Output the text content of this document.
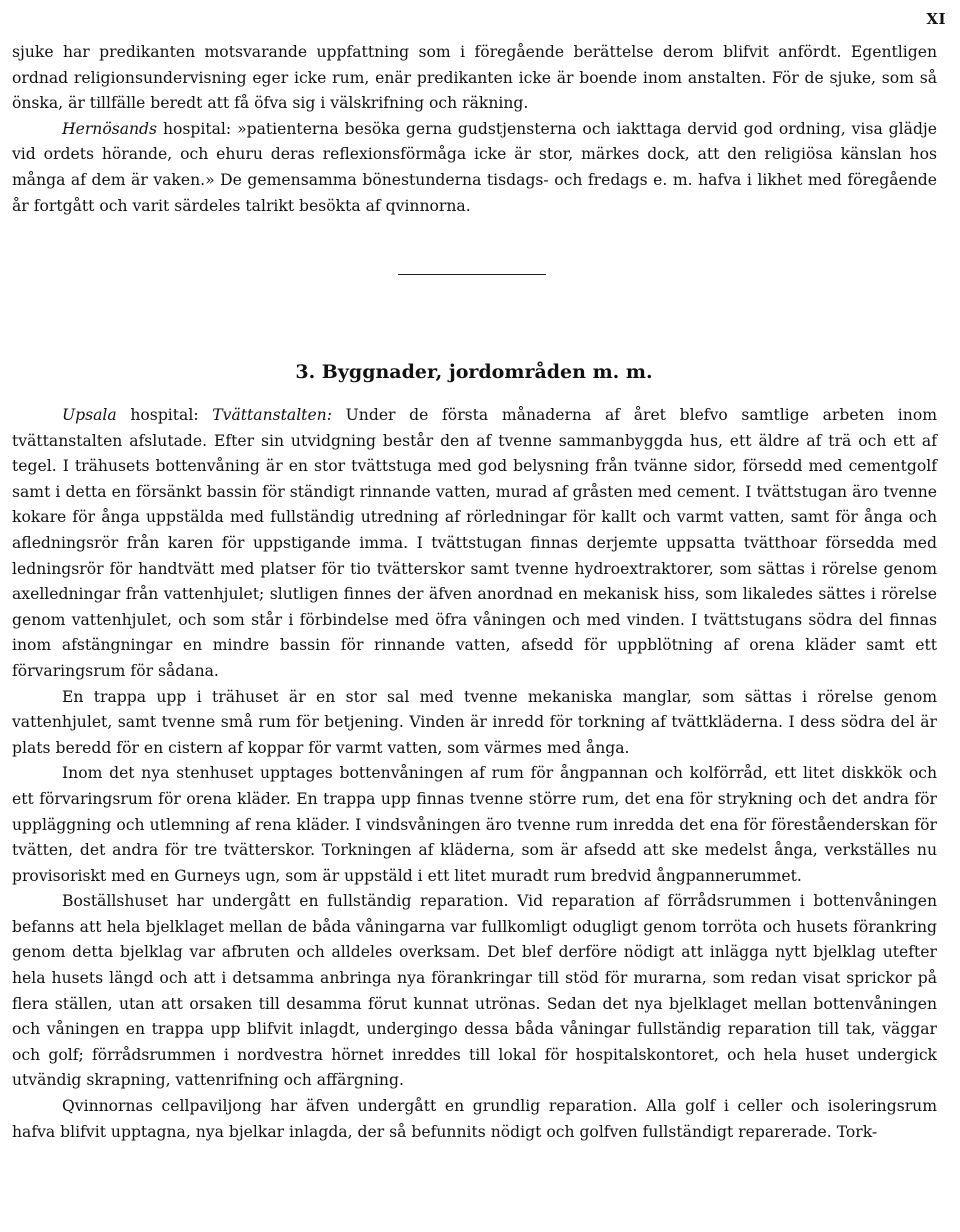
XI

sjuke har predikanten motsvarande uppfattning som i föregående berättelse derom blifvit anfördt. Egentligen ordnad religionsundervisning eger icke rum, enär predikanten icke är boende inom anstalten. För de sjuke, som så önska, är tillfälle beredt att få öfva sig i välskrifning och räkning.

Hernösands hospital: »patienterna besöka gerna gudstjensterna och iakttaga dervid god ordning, visa glädje vid ordets hörande, och ehuru deras reflexionsförmåga icke är stor, märkes dock, att den religiösa känslan hos många af dem är vaken.» De gemensamma bönestunderna tisdags- och fredags e. m. hafva i likhet med föregående år fortgått och varit särdeles talrikt besökta af qvinnorna.

3. Byggnader, jordområden m. m.

Upsala hospital: Tvättanstalten: Under de första månaderna af året blefvo samtlige arbeten inom tvättanstalten afslutade. Efter sin utvidgning består den af tvenne sammanbyggda hus, ett äldre af trä och ett af tegel. I trähusets bottenvåning är en stor tvättstuga med god belysning från tvänne sidor, försedd med cementgolf samt i detta en försänkt bassin för ständigt rinnande vatten, murad af gråsten med cement. I tvättstugan äro tvenne kokare för ånga uppstälda med fullständig utredning af rörledningar för kallt och varmt vatten, samt för ånga och afledningsrör från karen för uppstigande imma. I tvättstugan finnas derjemte uppsatta tvätthoar försedda med ledningsrör för handtvätt med platser för tio tvätterskor samt tvenne hydroextraktorer, som sättas i rörelse genom axelledningar från vattenhjulet; slutligen finnes der äfven anordnad en mekanisk hiss, som likaledes sättes i rörelse genom vattenhjulet, och som står i förbindelse med öfra våningen och med vinden. I tvättstugans södra del finnas inom afstängningar en mindre bassin för rinnande vatten, afsedd för uppblötning af orena kläder samt ett förvaringsrum för sådana.

En trappa upp i trähuset är en stor sal med tvenne mekaniska manglar, som sättas i rörelse genom vattenhjulet, samt tvenne små rum för betjening. Vinden är inredd för torkning af tvättkläderna. I dess södra del är plats beredd för en cistern af koppar för varmt vatten, som värmes med ånga.

Inom det nya stenhuset upptages bottenvåningen af rum för ångpannan och kolförråd, ett litet diskkök och ett förvaringsrum för orena kläder. En trappa upp finnas tvenne större rum, det ena för strykning och det andra för uppläggning och utlemning af rena kläder. I vindsvåningen äro tvenne rum inredda det ena för föreståenderskan för tvätten, det andra för tre tvätterskor. Torkningen af kläderna, som är afsedd att ske medelst ånga, verkställes nu provisoriskt med en Gurneys ugn, som är uppstäld i ett litet muradt rum bredvid ångpannerummet.

Boställshuset har undergått en fullständig reparation. Vid reparation af förrådsrummen i bottenvåningen befanns att hela bjelklaget mellan de båda våningarna var fullkomligt odugligt genom torröta och husets förankring genom detta bjelklag var afbruten och alldeles overksam. Det blef derföre nödigt att inlägga nytt bjelklag utefter hela husets längd och att i detsamma anbringa nya förankringar till stöd för murarna, som redan visat sprickor på flera ställen, utan att orsaken till desamma förut kunnat utrönas. Sedan det nya bjelklaget mellan bottenvåningen och våningen en trappa upp blifvit inlagdt, undergingo dessa båda våningar fullständig reparation till tak, väggar och golf; förrådsrummen i nordvestra hörnet inreddes till lokal för hospitalskontoret, och hela huset undergick utvändig skrapning, vattenrifning och affärgning.

Qvinnornas cellpaviljong har äfven undergått en grundlig reparation. Alla golf i celler och isoleringsrum hafva blifvit upptagna, nya bjelkar inlagda, der så befunnits nödigt och golfven fullständigt reparerade. Tork-
